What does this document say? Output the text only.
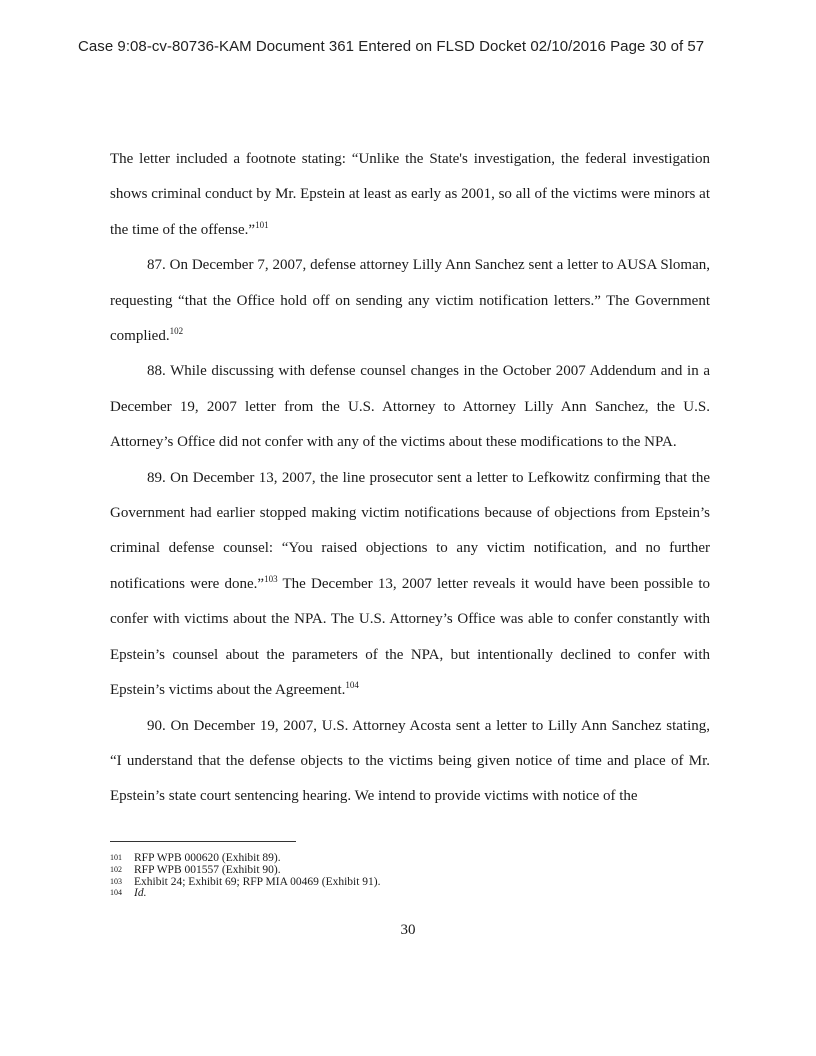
Case 9:08-cv-80736-KAM Document 361 Entered on FLSD Docket 02/10/2016 Page 30 of 57

The letter included a footnote stating: “Unlike the State's investigation, the federal investigation shows criminal conduct by Mr. Epstein at least as early as 2001, so all of the victims were minors at the time of the offense.”$^{101}$

87. On December 7, 2007, defense attorney Lilly Ann Sanchez sent a letter to AUSA Sloman, requesting “that the Office hold off on sending any victim notification letters.” The Government complied.$^{102}$

88. While discussing with defense counsel changes in the October 2007 Addendum and in a December 19, 2007 letter from the U.S. Attorney to Attorney Lilly Ann Sanchez, the U.S. Attorney’s Office did not confer with any of the victims about these modifications to the NPA.

89. On December 13, 2007, the line prosecutor sent a letter to Lefkowitz confirming that the Government had earlier stopped making victim notifications because of objections from Epstein’s criminal defense counsel: “You raised objections to any victim notification, and no further notifications were done.”$^{103}$ The December 13, 2007 letter reveals it would have been possible to confer with victims about the NPA. The U.S. Attorney’s Office was able to confer constantly with Epstein’s counsel about the parameters of the NPA, but intentionally declined to confer with Epstein’s victims about the Agreement.$^{104}$

90. On December 19, 2007, U.S. Attorney Acosta sent a letter to Lilly Ann Sanchez stating, “I understand that the defense objects to the victims being given notice of time and place of Mr. Epstein’s state court sentencing hearing. We intend to provide victims with notice of the

101	RFP WPB 000620 (Exhibit 89).
102	RFP WPB 001557 (Exhibit 90).
103	Exhibit 24; Exhibit 69; RFP MIA 00469 (Exhibit 91).
104	Id.
30
